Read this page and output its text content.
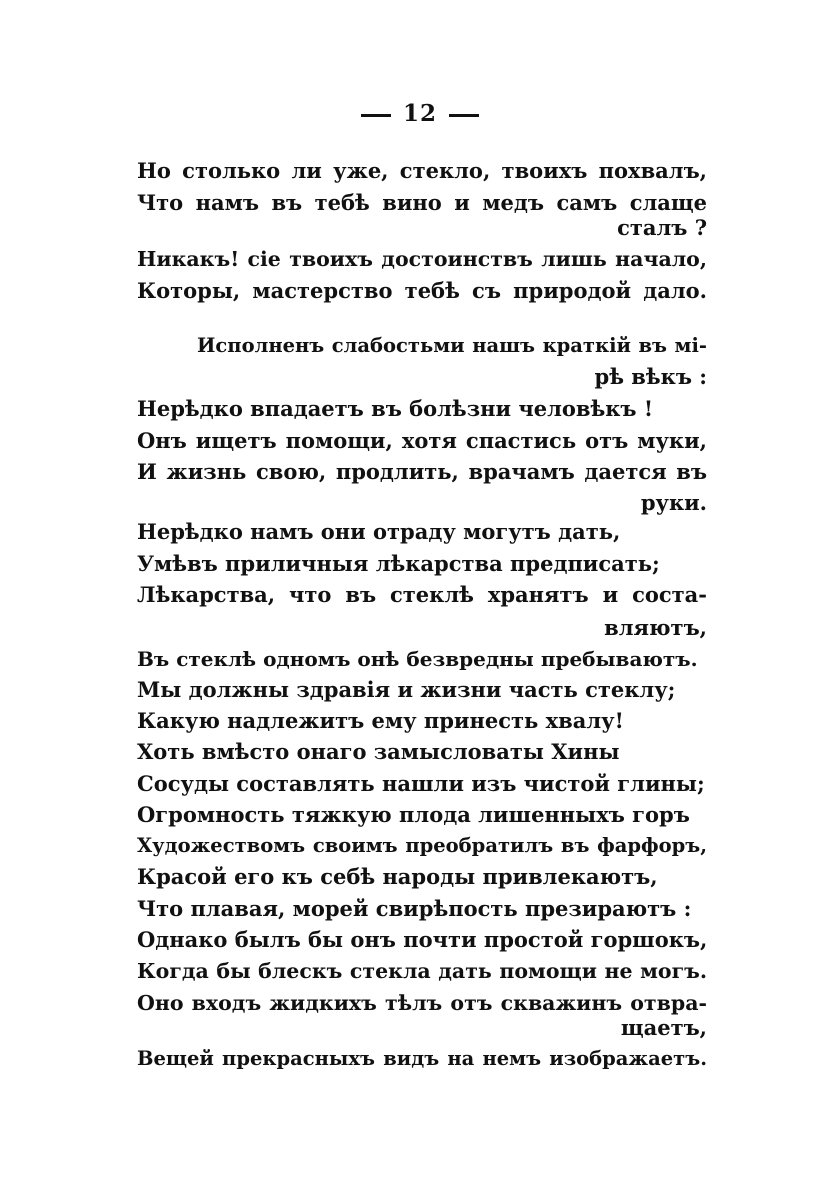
12
Но столько ли уже, стекло, твоихъ похвалъ,
Что намъ въ тебѣ вино и медъ самъ слаще
сталъ ?
Никакъ! сіе твоихъ достоинствъ лишь начало,
Которы, мастерство тебѣ съ природой дало.
Исполненъ слабостьми нашъ краткій въ мі-
рѣ вѣкъ :
Нерѣдко впадаетъ въ болѣзни человѣкъ !
Онъ ищетъ помощи, хотя спастись отъ муки,
И жизнь свою, продлить, врачамъ дается въ
руки.
Нерѣдко намъ они отраду могутъ дать,
Умѣвъ приличныя лѣкарства предписать;
Лѣкарства, что въ стеклѣ хранятъ и соста-
вляютъ,
Въ стеклѣ одномъ онѣ безвредны пребываютъ.
Мы должны здравія и жизни часть стеклу;
Какую надлежитъ ему принесть хвалу!
Хоть вмѣсто онаго замысловаты Хины
Сосуды составлять нашли изъ чистой глины;
Огромность тяжкую плода лишенныхъ горъ
Художествомъ своимъ преобратилъ въ фарфоръ,
Красой его къ себѣ народы привлекаютъ,
Что плавая, морей свирѣпость презираютъ :
Однако былъ бы онъ почти простой горшокъ,
Когда бы блескъ стекла дать помощи не могъ.
Оно входъ жидкихъ тѣлъ отъ скважинъ отвра-
щаетъ,
Вещей прекрасныхъ видъ на немъ изображаетъ.
